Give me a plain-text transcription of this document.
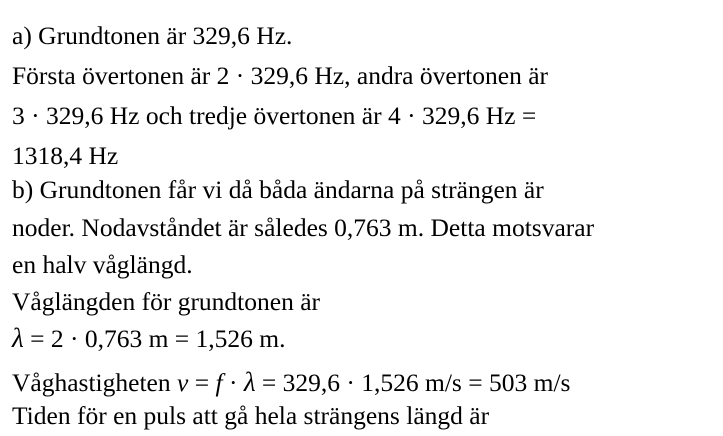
a) Grundtonen är 329,6 Hz.
Första övertonen är 2 · 329,6 Hz, andra övertonen är
3 · 329,6 Hz och tredje övertonen är 4 · 329,6 Hz =
1318,4 Hz
b) Grundtonen får vi då båda ändarna på strängen är
noder. Nodavståndet är således 0,763 m. Detta motsvarar
en halv våglängd.
Våglängden för grundtonen är
λ = 2 · 0,763 m = 1,526 m.
Våghastigheten v = f · λ = 329,6 · 1,526 m/s = 503 m/s
Tiden för en puls att gå hela strängens längd är
